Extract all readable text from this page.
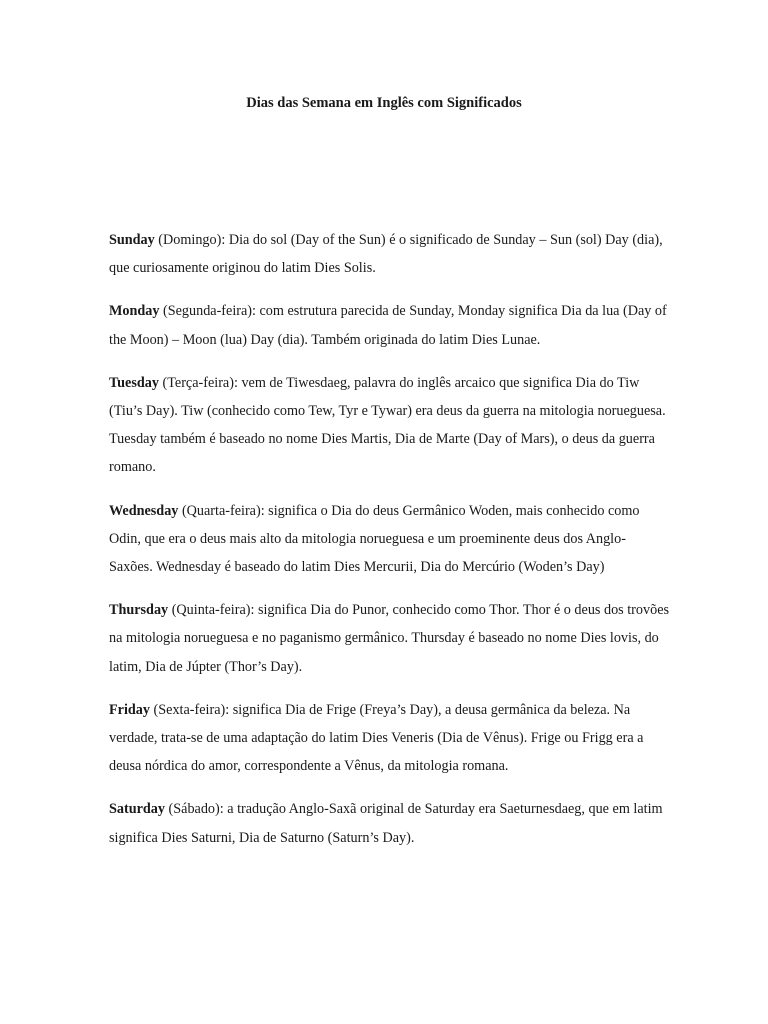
Dias das Semana em Inglês com Significados

Sunday (Domingo): Dia do sol (Day of the Sun) é o significado de Sunday – Sun (sol) Day (dia), que curiosamente originou do latim Dies Solis.

Monday (Segunda-feira): com estrutura parecida de Sunday, Monday significa Dia da lua (Day of the Moon) – Moon (lua) Day (dia). Também originada do latim Dies Lunae.

Tuesday (Terça-feira): vem de Tiwesdaeg, palavra do inglês arcaico que significa Dia do Tiw (Tiu’s Day). Tiw (conhecido como Tew, Tyr e Tywar) era deus da guerra na mitologia norueguesa. Tuesday também é baseado no nome Dies Martis, Dia de Marte (Day of Mars), o deus da guerra romano.

Wednesday (Quarta-feira): significa o Dia do deus Germânico Woden, mais conhecido como Odin, que era o deus mais alto da mitologia norueguesa e um proeminente deus dos Anglo-Saxões. Wednesday é baseado do latim Dies Mercurii, Dia do Mercúrio (Woden’s Day)

Thursday (Quinta-feira): significa Dia do Punor, conhecido como Thor. Thor é o deus dos trovões na mitologia norueguesa e no paganismo germânico. Thursday é baseado no nome Dies lovis, do latim, Dia de Júpter (Thor’s Day).

Friday (Sexta-feira): significa Dia de Frige (Freya’s Day), a deusa germânica da beleza. Na verdade, trata-se de uma adaptação do latim Dies Veneris (Dia de Vênus). Frige ou Frigg era a deusa nórdica do amor, correspondente a Vênus, da mitologia romana.

Saturday (Sábado): a tradução Anglo-Saxã original de Saturday era Saeturnesdaeg, que em latim significa Dies Saturni, Dia de Saturno (Saturn’s Day).
